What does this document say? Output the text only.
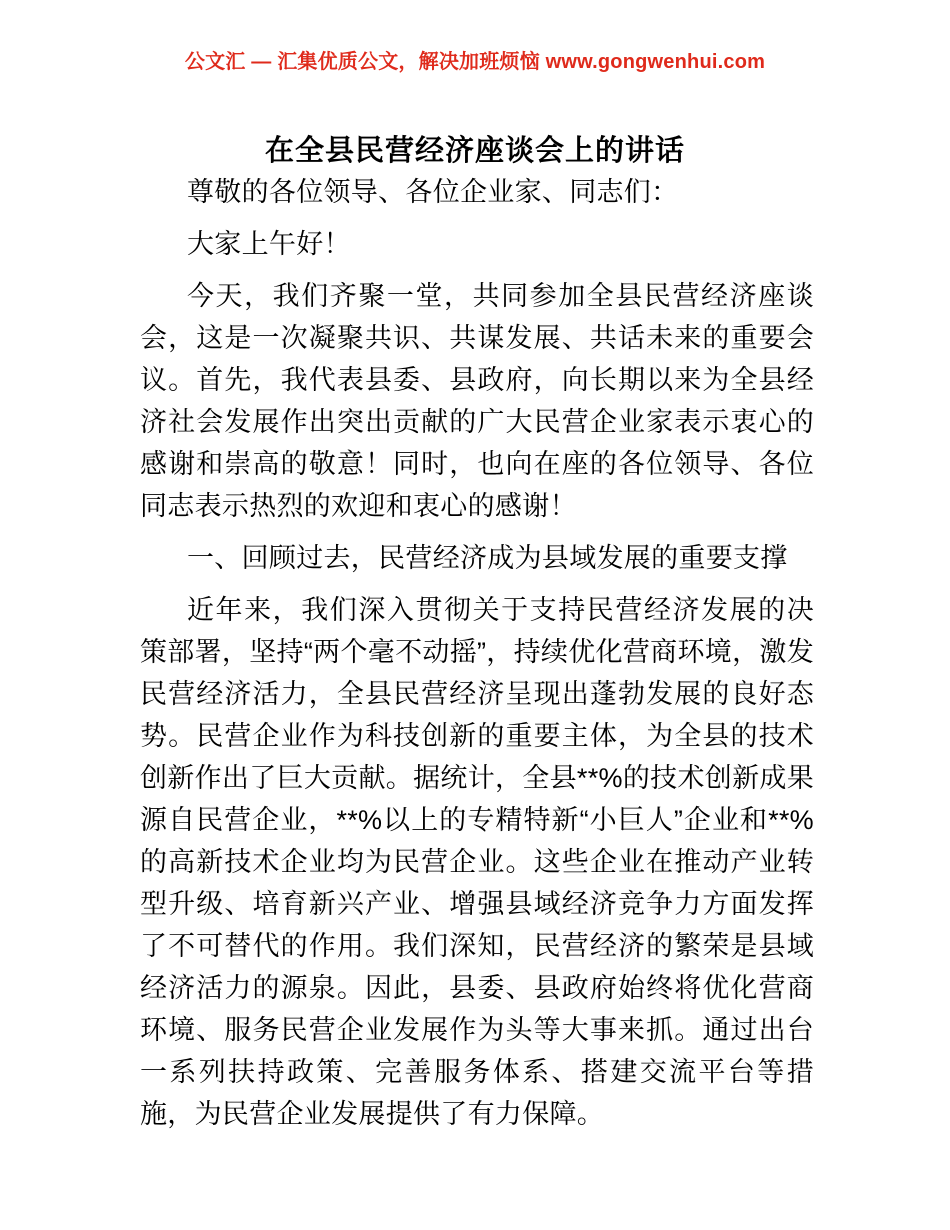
公文汇 — 汇集优质公文，解决加班烦恼 www.gongwenhui.com
在全县民营经济座谈会上的讲话

尊敬的各位领导、各位企业家、同志们：

大家上午好！

今天，我们齐聚一堂，共同参加全县民营经济座谈会，这是一次凝聚共识、共谋发展、共话未来的重要会议。首先，我代表县委、县政府，向长期以来为全县经济社会发展作出突出贡献的广大民营企业家表示衷心的感谢和崇高的敬意！同时，也向在座的各位领导、各位同志表示热烈的欢迎和衷心的感谢！

一、回顾过去，民营经济成为县域发展的重要支撑

近年来，我们深入贯彻关于支持民营经济发展的决策部署，坚持“两个毫不动摇”，持续优化营商环境，激发民营经济活力，全县民营经济呈现出蓬勃发展的良好态势。民营企业作为科技创新的重要主体，为全县的技术创新作出了巨大贡献。据统计，全县**%的技术创新成果源自民营企业，**%以上的专精特新“小巨人”企业和**%的高新技术企业均为民营企业。这些企业在推动产业转型升级、培育新兴产业、增强县域经济竞争力方面发挥了不可替代的作用。我们深知，民营经济的繁荣是县域经济活力的源泉。因此，县委、县政府始终将优化营商环境、服务民营企业发展作为头等大事来抓。通过出台一系列扶持政策、完善服务体系、搭建交流平台等措施，为民营企业发展提供了有力保障。
